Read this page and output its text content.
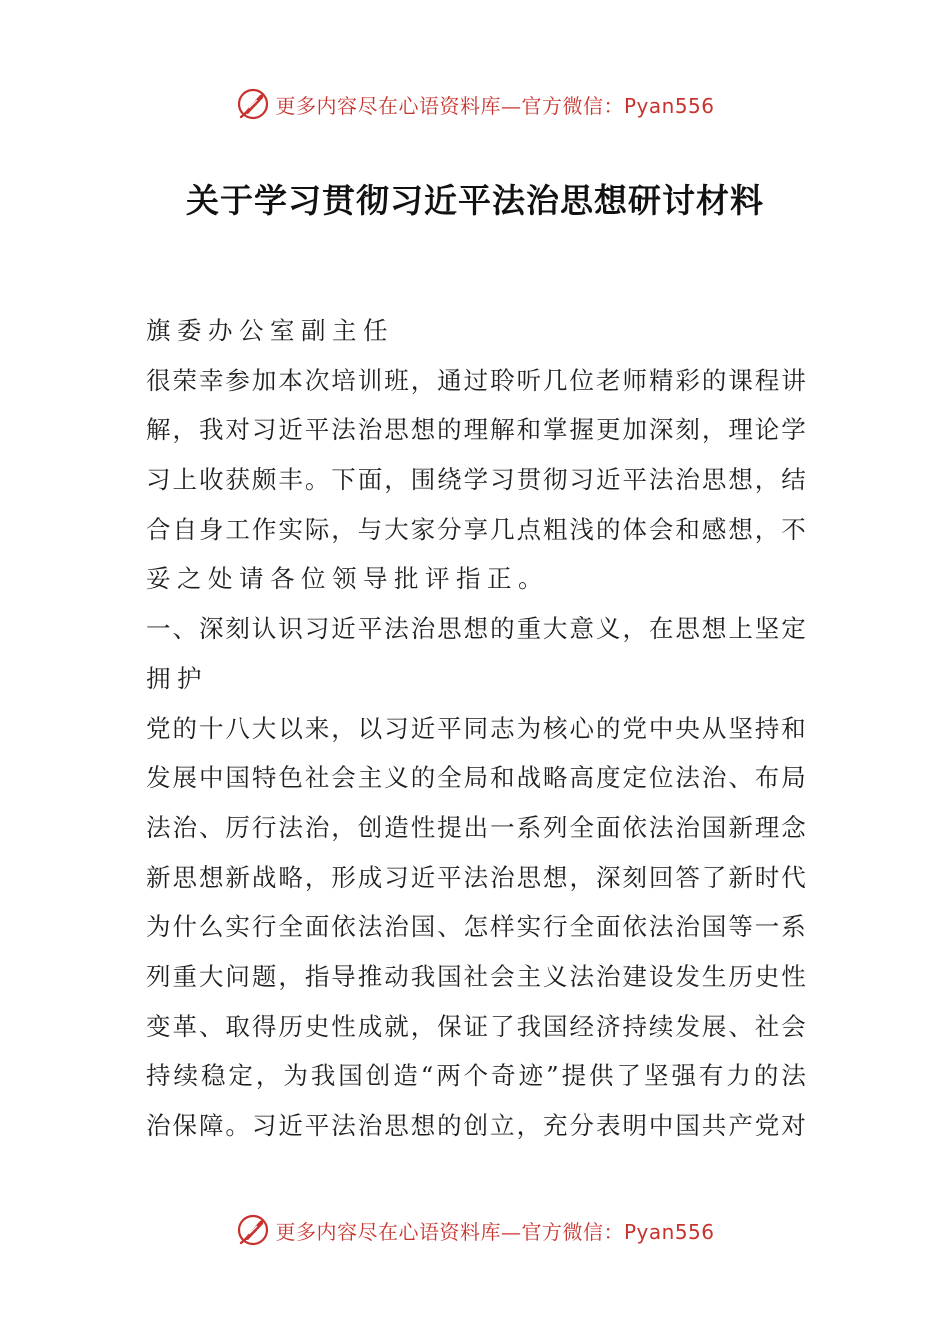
更多内容尽在心语资料库—官方微信：Pyan556
关于学习贯彻习近平法治思想研讨材料
旗委办公室副主任
很 荣 幸 参 加 本 次 培 训 班 ， 通 过 聆 听 几 位 老 师 精 彩 的 课 程 讲
解 ， 我 对 习 近 平 法 治 思 想 的 理 解 和 掌 握 更 加 深 刻 ， 理 论 学
习 上 收 获 颇 丰 。 下 面 ， 围 绕 学 习 贯 彻 习 近 平 法 治 思 想 ， 结
合 自 身 工 作 实 际 ， 与 大 家 分 享 几 点 粗 浅 的 体 会 和 感 想 ， 不
妥之处请各位领导批评指正。
一 、 深 刻 认 识 习 近 平 法 治 思 想 的 重 大 意 义 ， 在 思 想 上 坚 定
拥护
党 的 十 八 大 以 来 ， 以 习 近 平 同 志 为 核 心 的 党 中 央 从 坚 持 和
发 展 中 国 特 色 社 会 主 义 的 全 局 和 战 略 高 度 定 位 法 治 、 布 局
法 治 、 厉 行 法 治 ， 创 造 性 提 出 一 系 列 全 面 依 法 治 国 新 理 念
新 思 想 新 战 略 ， 形 成 习 近 平 法 治 思 想 ， 深 刻 回 答 了 新 时 代
为 什 么 实 行 全 面 依 法 治 国 、 怎 样 实 行 全 面 依 法 治 国 等 一 系
列 重 大 问 题 ， 指 导 推 动 我 国 社 会 主 义 法 治 建 设 发 生 历 史 性
变 革 、 取 得 历 史 性 成 就 ， 保 证 了 我 国 经 济 持 续 发 展 、 社 会
持 续 稳 定 ， 为 我 国 创 造 “ 两 个 奇 迹 ” 提 供 了 坚 强 有 力 的 法
治 保 障 。 习 近 平 法 治 思 想 的 创 立 ， 充 分 表 明 中 国 共 产 党 对
更多内容尽在心语资料库—官方微信：Pyan556
